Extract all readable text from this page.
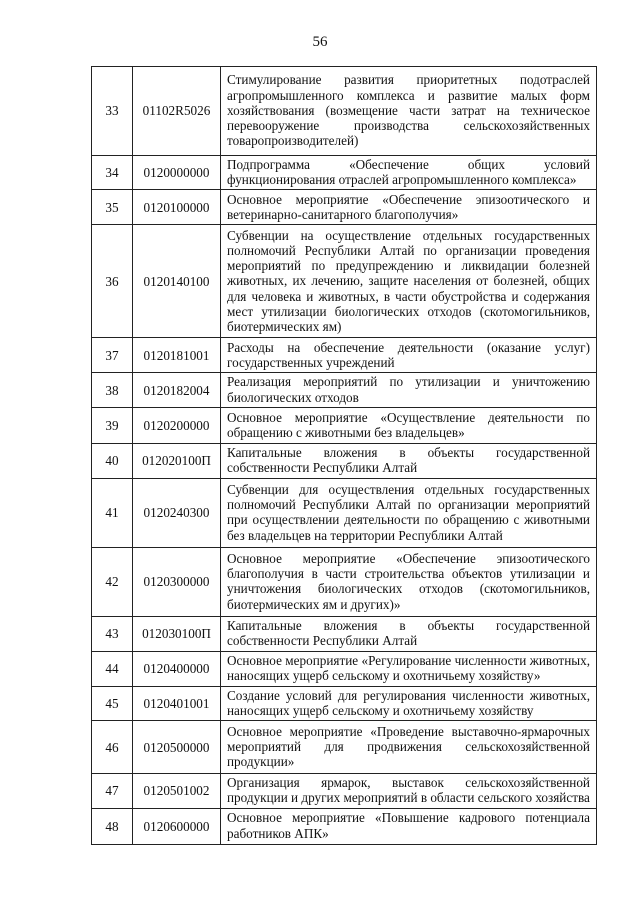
56
33	01102R5026	Стимулирование развития приоритетных подотраслей агропромышленного комплекса и развитие малых форм хозяйствования (возмещение части затрат на техническое перевооружение производства сельскохозяйственных товаропроизводителей)
34	0120000000	Подпрограмма «Обеспечение общих условий функционирования отраслей агропромышленного комплекса»
35	0120100000	Основное мероприятие «Обеспечение эпизоотического и ветеринарно-санитарного благополучия»
36	0120140100	Субвенции на осуществление отдельных государственных полномочий Республики Алтай по организации проведения мероприятий по предупреждению и ликвидации болезней животных, их лечению, защите населения от болезней, общих для человека и животных, в части обустройства и содержания мест утилизации биологических отходов (скотомогильников, биотермических ям)
37	0120181001	Расходы на обеспечение деятельности (оказание услуг) государственных учреждений
38	0120182004	Реализация мероприятий по утилизации и уничтожению биологических отходов
39	0120200000	Основное мероприятие «Осуществление деятельности по обращению с животными без владельцев»
40	012020100П	Капитальные вложения в объекты государственной собственности Республики Алтай
41	0120240300	Субвенции для осуществления отдельных государственных полномочий Республики Алтай по организации мероприятий при осуществлении деятельности по обращению с животными без владельцев на территории Республики Алтай
42	0120300000	Основное мероприятие «Обеспечение эпизоотического благополучия в части строительства объектов утилизации и уничтожения биологических отходов (скотомогильников, биотермических ям и других)»
43	012030100П	Капитальные вложения в объекты государственной собственности Республики Алтай
44	0120400000	Основное мероприятие «Регулирование численности животных, наносящих ущерб сельскому и охотничьему хозяйству»
45	0120401001	Создание условий для регулирования численности животных, наносящих ущерб сельскому и охотничьему хозяйству
46	0120500000	Основное мероприятие «Проведение выставочно-ярмарочных мероприятий для продвижения сельскохозяйственной продукции»
47	0120501002	Организация ярмарок, выставок сельскохозяйственной продукции и других мероприятий в области сельского хозяйства
48	0120600000	Основное мероприятие «Повышение кадрового потенциала работников АПК»
